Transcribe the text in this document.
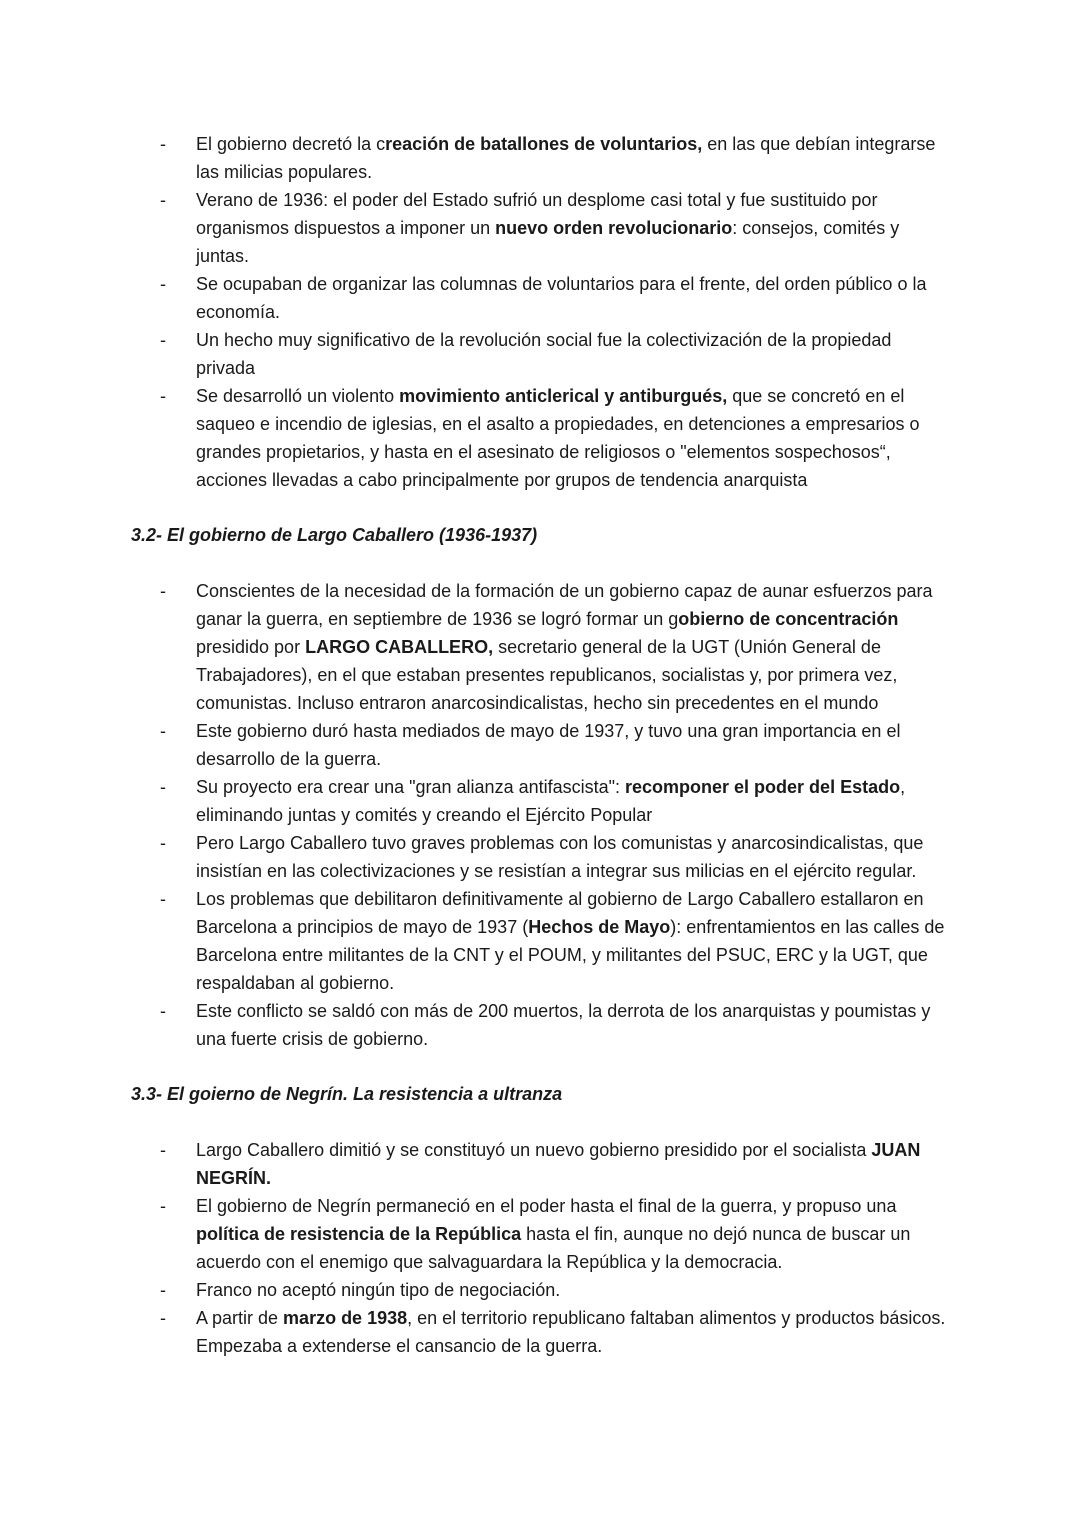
- El gobierno decretó la creación de batallones de voluntarios, en las que debían integrarse las milicias populares.
- Verano de 1936: el poder del Estado sufrió un desplome casi total y fue sustituido por organismos dispuestos a imponer un nuevo orden revolucionario: consejos, comités y juntas.
- Se ocupaban de organizar las columnas de voluntarios para el frente, del orden público o la economía.
- Un hecho muy significativo de la revolución social fue la colectivización de la propiedad privada
- Se desarrolló un violento movimiento anticlerical y antiburgués, que se concretó en el saqueo e incendio de iglesias, en el asalto a propiedades, en detenciones a empresarios o grandes propietarios, y hasta en el asesinato de religiosos o "elementos sospechosos“, acciones llevadas a cabo principalmente por grupos de tendencia anarquista
3.2- El gobierno de Largo Caballero (1936-1937)
- Conscientes de la necesidad de la formación de un gobierno capaz de aunar esfuerzos para ganar la guerra, en septiembre de 1936 se logró formar un gobierno de concentración presidido por LARGO CABALLERO, secretario general de la UGT (Unión General de Trabajadores), en el que estaban presentes republicanos, socialistas y, por primera vez, comunistas. Incluso entraron anarcosindicalistas, hecho sin precedentes en el mundo
- Este gobierno duró hasta mediados de mayo de 1937, y tuvo una gran importancia en el desarrollo de la guerra.
- Su proyecto era crear una "gran alianza antifascista": recomponer el poder del Estado, eliminando juntas y comités y creando el Ejército Popular
- Pero Largo Caballero tuvo graves problemas con los comunistas y anarcosindicalistas, que insistían en las colectivizaciones y se resistían a integrar sus milicias en el ejército regular.
- Los problemas que debilitaron definitivamente al gobierno de Largo Caballero estallaron en Barcelona a principios de mayo de 1937 (Hechos de Mayo): enfrentamientos en las calles de Barcelona entre militantes de la CNT y el POUM, y militantes del PSUC, ERC y la UGT, que respaldaban al gobierno.
- Este conflicto se saldó con más de 200 muertos, la derrota de los anarquistas y poumistas y una fuerte crisis de gobierno.
3.3- El goierno de Negrín. La resistencia a ultranza
- Largo Caballero dimitió y se constituyó un nuevo gobierno presidido por el socialista JUAN NEGRÍN.
- El gobierno de Negrín permaneció en el poder hasta el final de la guerra, y propuso una política de resistencia de la República hasta el fin, aunque no dejó nunca de buscar un acuerdo con el enemigo que salvaguardara la República y la democracia.
- Franco no aceptó ningún tipo de negociación.
- A partir de marzo de 1938, en el territorio republicano faltaban alimentos y productos básicos. Empezaba a extenderse el cansancio de la guerra.
